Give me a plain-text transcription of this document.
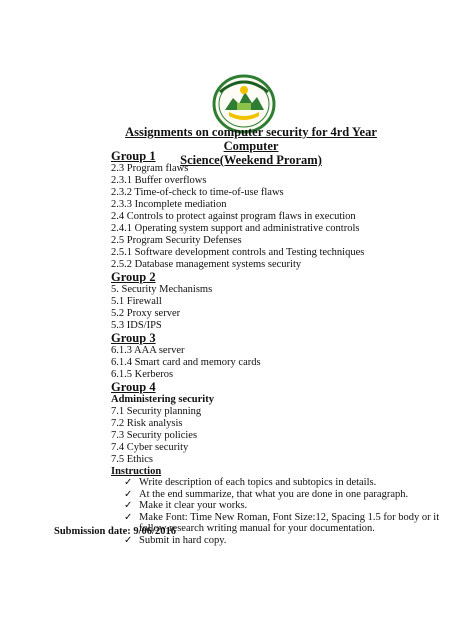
Assignments on computer security for 4rd Year Computer
Science(Weekend Proram)

Group 1

2.3 Program flaws

2.3.1 Buffer overflows

2.3.2 Time-of-check to time-of-use flaws

2.3.3 Incomplete mediation

2.4 Controls to protect against program flaws in execution

2.4.1 Operating system support and administrative controls

2.5 Program Security Defenses

2.5.1 Software development controls and Testing techniques

2.5.2 Database management systems security

Group 2

5. Security Mechanisms

5.1 Firewall

5.2 Proxy server

5.3 IDS/IPS

Group 3

6.1.3 AAA server

6.1.4 Smart card and memory cards

6.1.5 Kerberos

Group 4

Administering security

7.1 Security planning

7.2 Risk analysis

7.3 Security policies

7.4 Cyber security

7.5 Ethics

Instruction

✓ Write description of each topics and subtopics in details.
✓ At the end summarize, that what you are done in one paragraph.
✓ Make it clear your works.
✓ Make Font: Time New Roman, Font Size:12, Spacing 1.5 for body or it follow research writing manual for your documentation.
✓ Submit in hard copy.
Submission date: 9/06/2016
